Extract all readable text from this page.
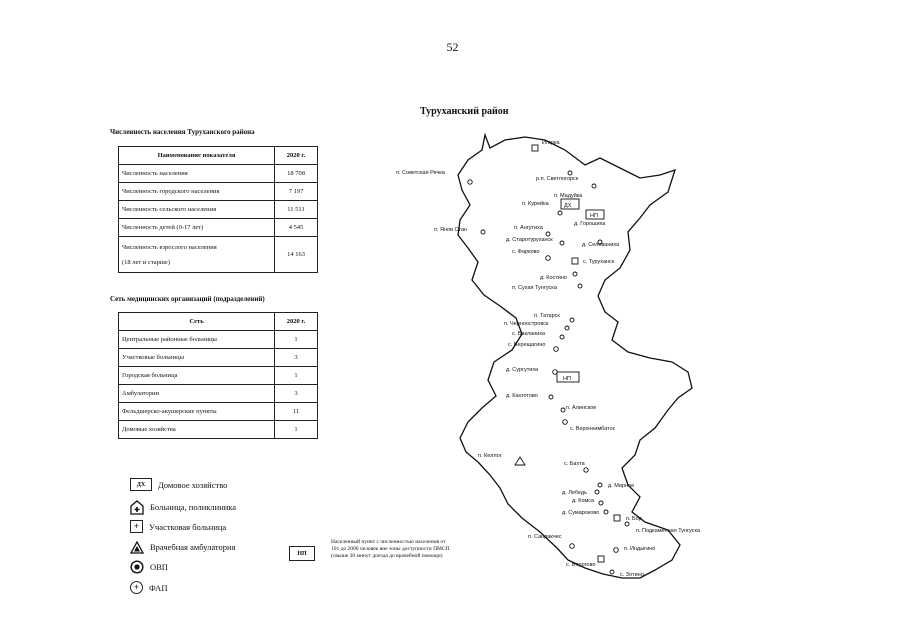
52
Численность населения Туруханского района
Наименование показателя	2020 г.
Численность населения	18 708
Численность городского населения	7 197
Численность сельского населения	11 511
Численность детей (0-17 лет)	4 545

Численность взрослого населения
(18 лет и старше)	14 163
Сеть медицинских организаций (подразделений)
Сеть	2020 г.
Центральные районные больницы	1
Участковые больницы	3
Городская больница	1
Амбулатории	3
Фельдшерско-акушерские пункты	11
Домовые хозяйства	1
ДХ	Домовое хозяйство
Больница, поликлиника
+	Участковая больница
Врачебная амбулатория
ОВП
+	ФАП
НП
Населенный пункт с численностью населения от 101 до 2000 человек вне зоны доступности ПМСП (свыше 30 минут доезда до врачебной помощи)
Туруханский район
ДХ
НП
НП
Игарка
п. Советская Речка
р.п. Светлогорск
п. Мадуйка
п. Курейка
д. Горошиха
п. Янов Стан	п. Ангутиха
д. Старотуруханск
д. Селиваниха
с. Фарково
с. Туруханск
д. Костино
п. Сухая Тунгуска
п. Татарск
п. Черноостровск
с. Бакланиха
с. Верещагино
д. Сургутиха
д. Канготово
п. Алинское
с. Верхнеимбатск
п. Келлог
с. Бахта
д. Мирное
д. Лебедь
д. Комса
д. Сумароково
п. Бор
п. Подкаменная Тунгуска
п. Сандакчес
п. Индыгино
с. Ворогово
с. Зотино
